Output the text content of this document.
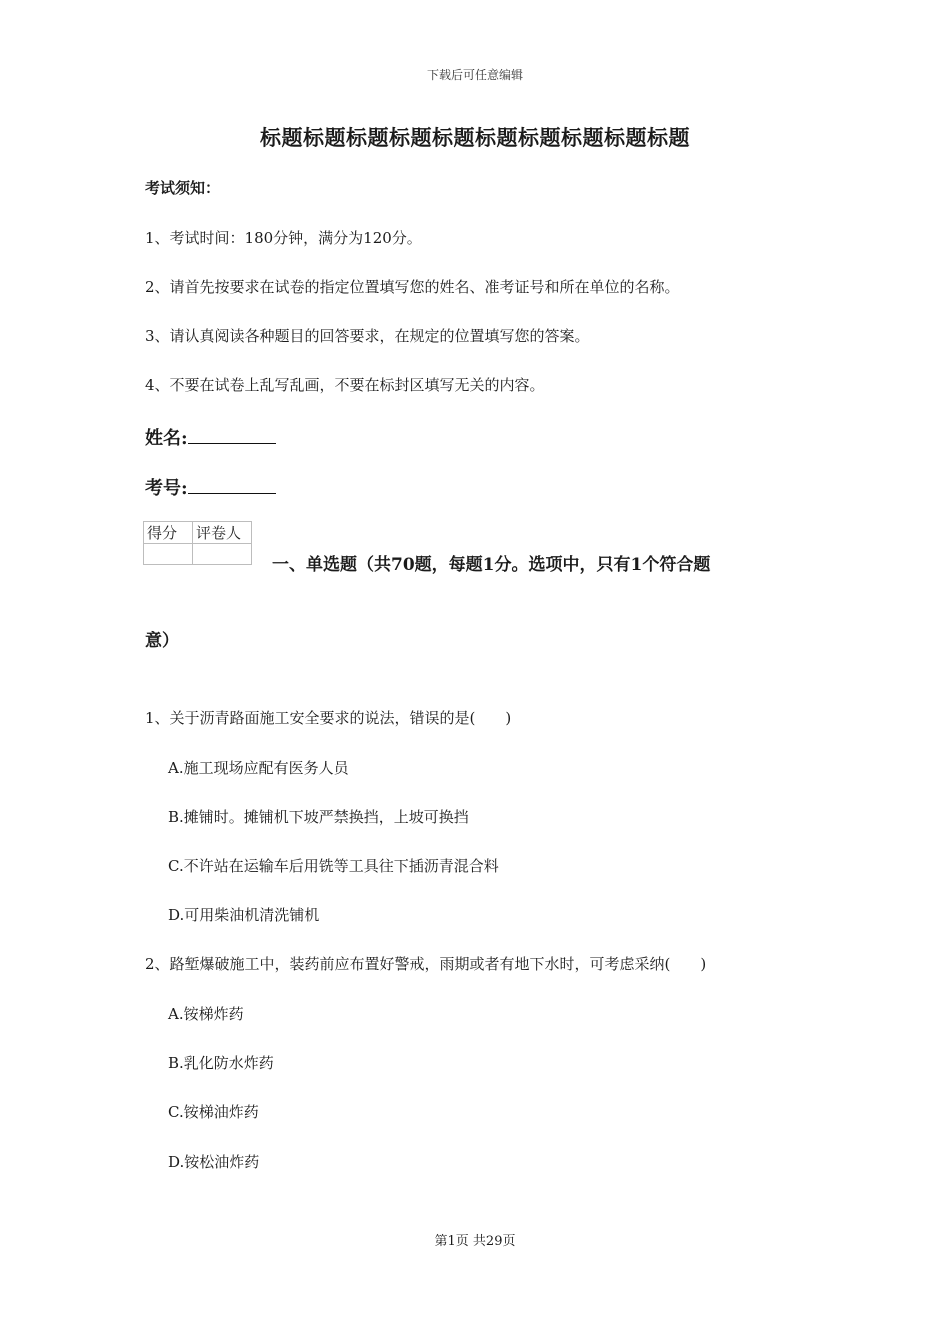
下载后可任意编辑
标题标题标题标题标题标题标题标题标题标题
考试须知：
1、考试时间：180分钟，满分为120分。
2、请首先按要求在试卷的指定位置填写您的姓名、准考证号和所在单位的名称。
3、请认真阅读各种题目的回答要求，在规定的位置填写您的答案。
4、不要在试卷上乱写乱画，不要在标封区填写无关的内容。
姓名:
考号:
得分	评卷人

一、单选题（共70题，每题1分。选项中，只有1个符合题
意）
1、关于沥青路面施工安全要求的说法，错误的是(　　)
A.施工现场应配有医务人员
B.摊铺时。摊铺机下坡严禁换挡，上坡可换挡
C.不许站在运输车后用铣等工具往下插沥青混合料
D.可用柴油机清洗铺机
2、路堑爆破施工中，装药前应布置好警戒，雨期或者有地下水时，可考虑采纳(　　)
A.铵梯炸药
B.乳化防水炸药
C.铵梯油炸药
D.铵松油炸药
第1页 共29页
